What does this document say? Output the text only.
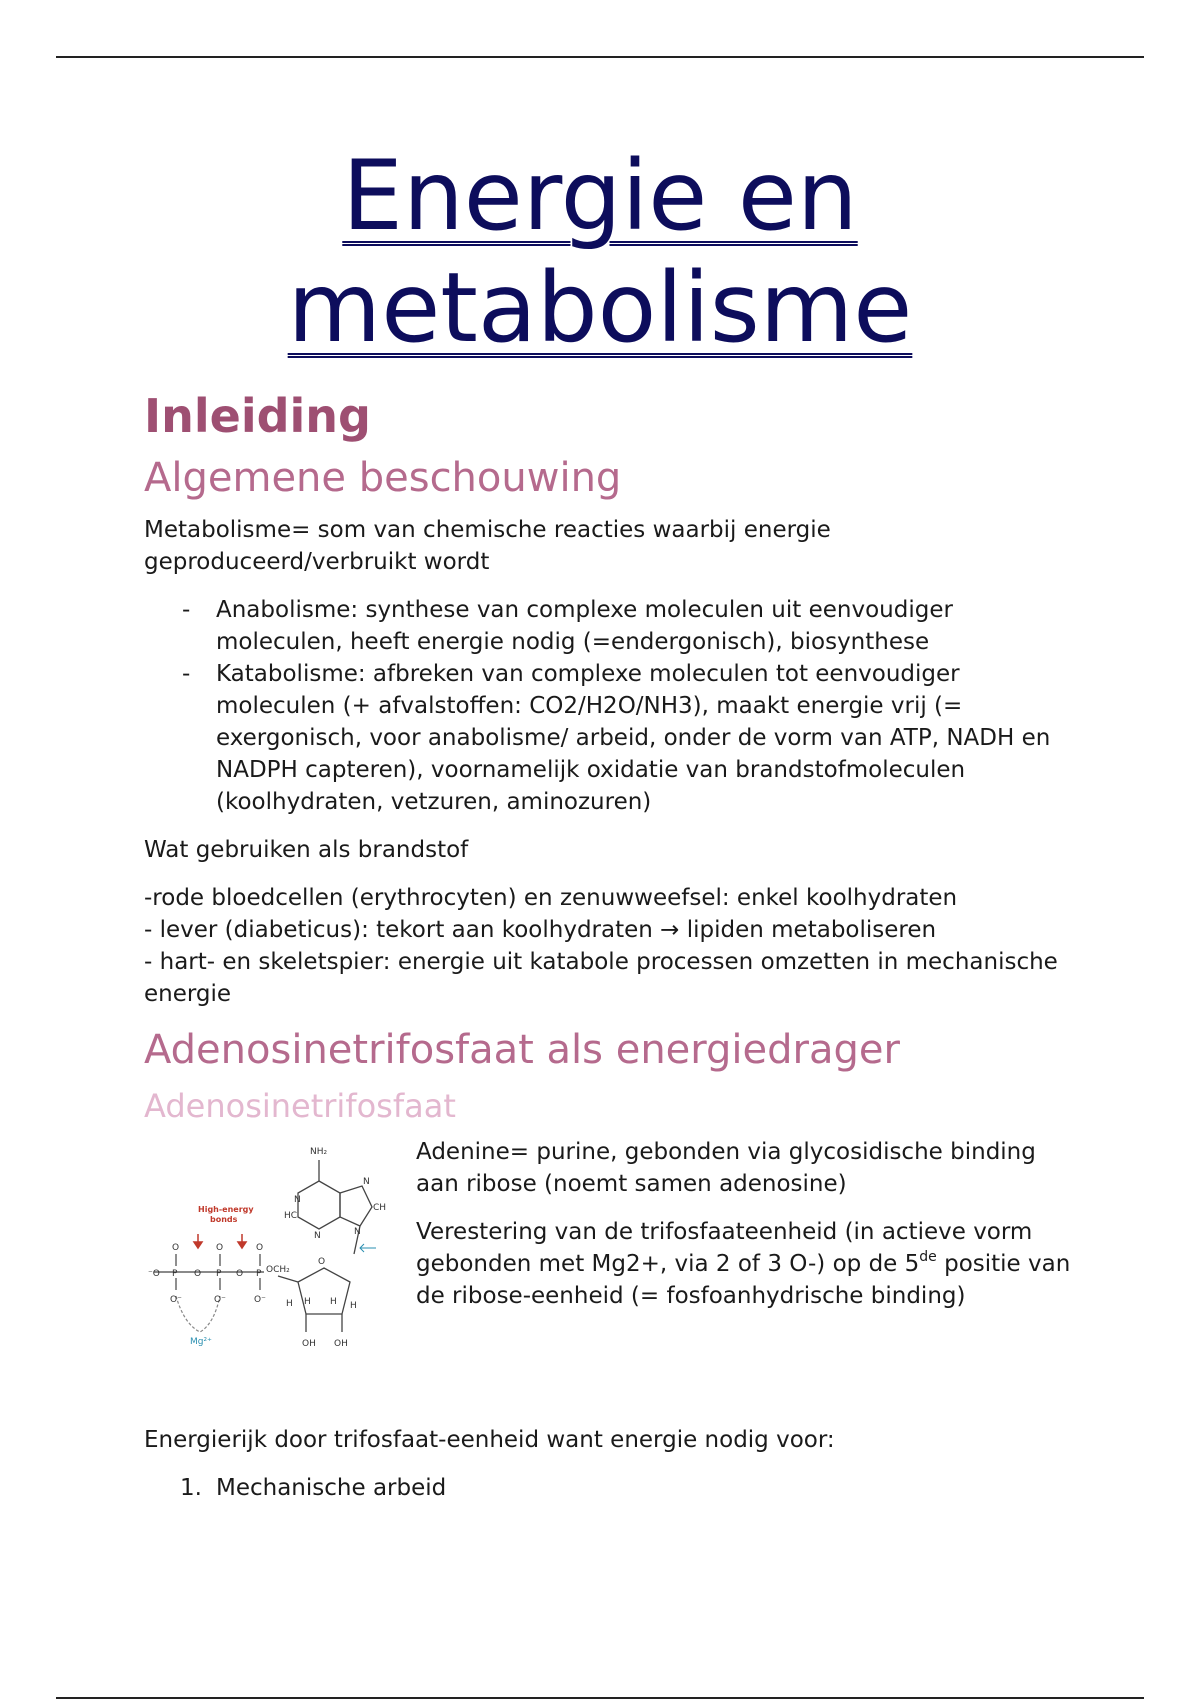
Energie en
metabolisme
Inleiding
Algemene beschouwing

Metabolisme= som van chemische reacties waarbij energie geproduceerd/verbruikt wordt

- Anabolisme: synthese van complexe moleculen uit eenvoudiger moleculen, heeft energie nodig (=endergonisch), biosynthese
- Katabolisme: afbreken van complexe moleculen tot eenvoudiger moleculen (+ afvalstoffen: CO2/H2O/NH3), maakt energie vrij (= exergonisch, voor anabolisme/ arbeid, onder de vorm van ATP, NADH en NADPH capteren), voornamelijk oxidatie van brandstofmoleculen (koolhydraten, vetzuren, aminozuren)

Wat gebruiken als brandstof

-rode bloedcellen (erythrocyten) en zenuwweefsel: enkel koolhydraten
- lever (diabeticus): tekort aan koolhydraten → lipiden metaboliseren
- hart- en skeletspier: energie uit katabole processen omzetten in mechanische energie

Adenosinetrifosfaat als energiedrager
Adenosinetrifosfaat
NH₂
N
HC
N
N
CH
N
O
OH OH
H H
H	H
OCH₂
⁻O P O P O P
O	O	O
O⁻	O⁻	O⁻
High-energy
bonds
Mg²⁺

Adenine= purine, gebonden via glycosidische binding aan ribose (noemt samen adenosine)

Verestering van de trifosfaateenheid (in actieve vorm gebonden met Mg2+, via 2 of 3 O-) op de 5de positie van de ribose-eenheid (= fosfoanhydrische binding)

Energierijk door trifosfaat-eenheid want energie nodig voor:

1. Mechanische arbeid
